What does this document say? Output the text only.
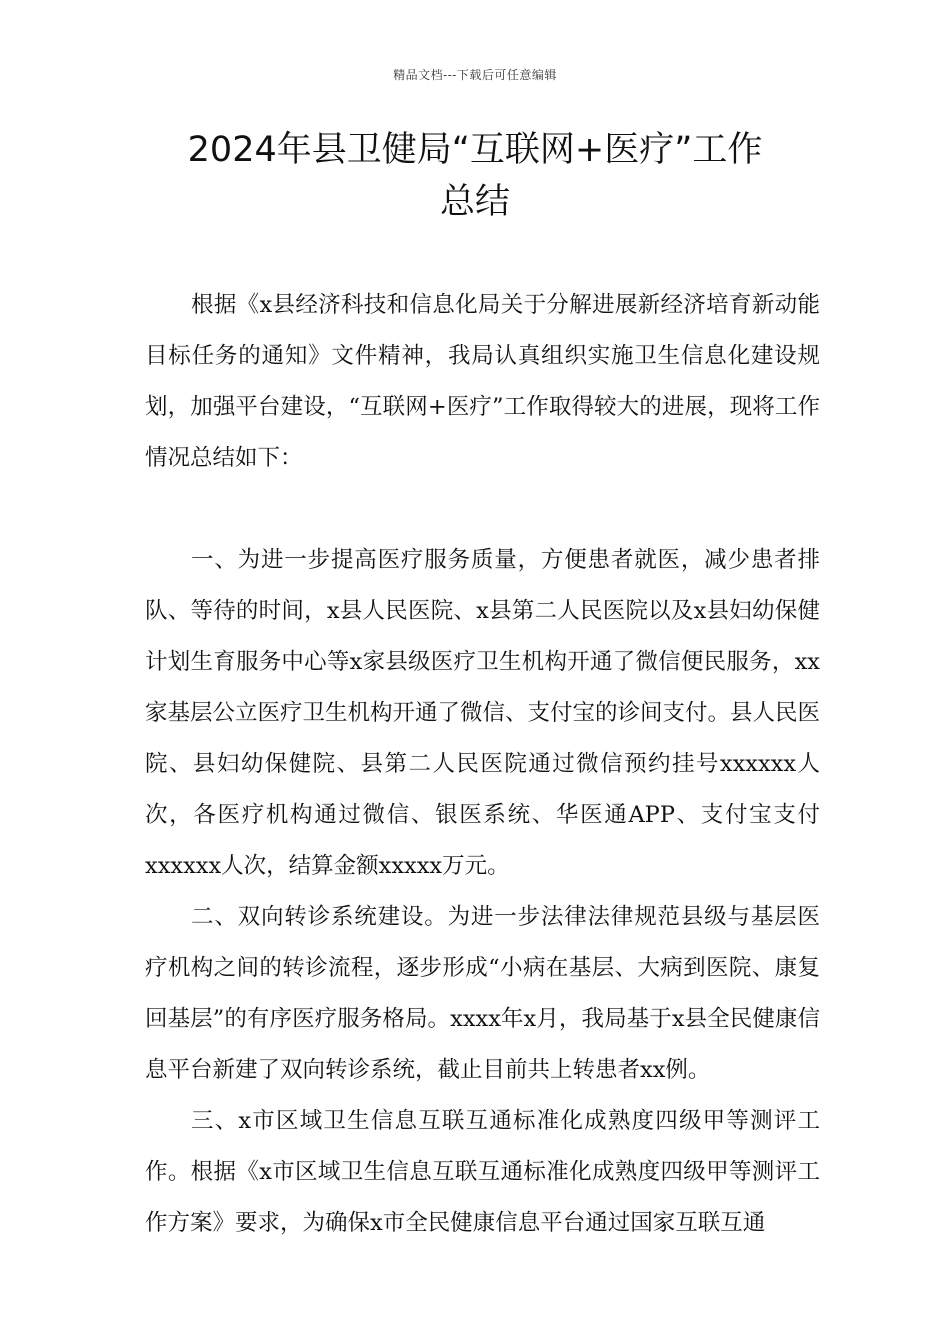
精品文档---下载后可任意编辑
2024年县卫健局“互联网+医疗”工作
总结

根据《x县经济科技和信息化局关于分解进展新经济培育新动能目标任务的通知》文件精神，我局认真组织实施卫生信息化建设规划，加强平台建设，“互联网+医疗”工作取得较大的进展，现将工作情况总结如下：

一、为进一步提高医疗服务质量，方便患者就医，减少患者排队、等待的时间，x县人民医院、x县第二人民医院以及x县妇幼保健计划生育服务中心等x家县级医疗卫生机构开通了微信便民服务，xx家基层公立医疗卫生机构开通了微信、支付宝的诊间支付。县人民医院、县妇幼保健院、县第二人民医院通过微信预约挂号xxxxxx人次，各医疗机构通过微信、银医系统、华医通APP、支付宝支付xxxxxx人次，结算金额xxxxx万元。

二、双向转诊系统建设。为进一步法律法律规范县级与基层医疗机构之间的转诊流程，逐步形成“小病在基层、大病到医院、康复回基层”的有序医疗服务格局。xxxx年x月，我局基于x县全民健康信息平台新建了双向转诊系统，截止目前共上转患者xx例。

三、x市区域卫生信息互联互通标准化成熟度四级甲等测评工作。根据《x市区域卫生信息互联互通标准化成熟度四级甲等测评工作方案》要求，为确保x市全民健康信息平台通过国家互联互通
